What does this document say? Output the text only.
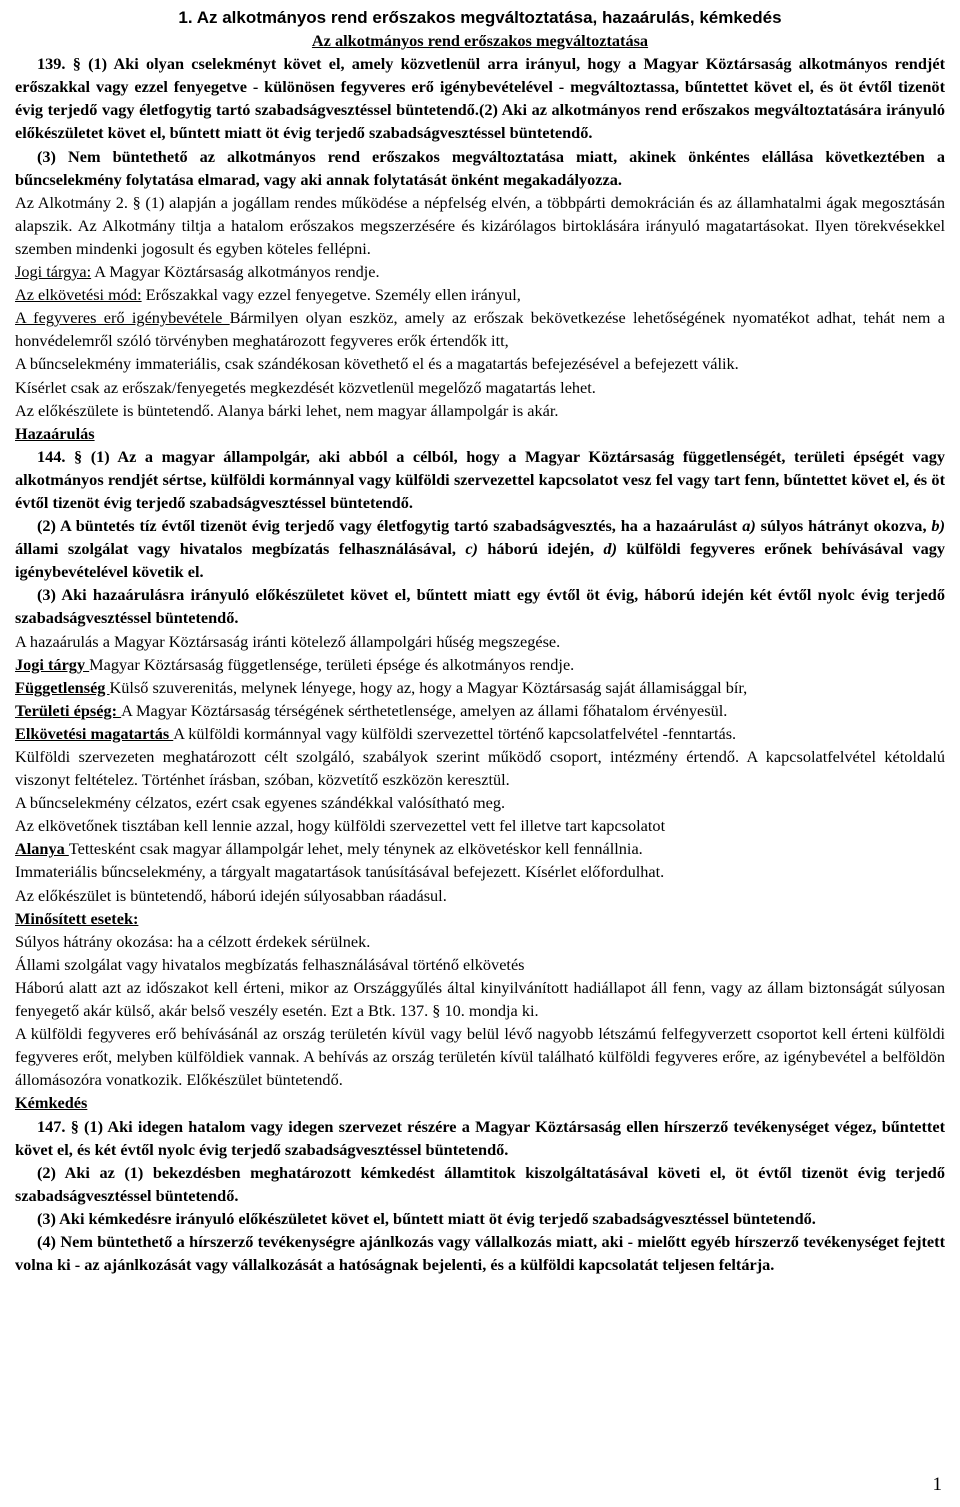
1. Az alkotmányos rend erőszakos megváltoztatása, hazaárulás, kémkedés

Az alkotmányos rend erőszakos megváltoztatása

139. § (1) Aki olyan cselekményt követ el, amely közvetlenül arra irányul, hogy a Magyar Köztársaság alkotmányos rendjét erőszakkal vagy ezzel fenyegetve - különösen fegyveres erő igénybevételével - megváltoztassa, bűntettet követ el, és öt évtől tizenöt évig terjedő vagy életfogytig tartó szabadságvesztéssel büntetendő.(2) Aki az alkotmányos rend erőszakos megváltoztatására irányuló előkészületet követ el, bűntett miatt öt évig terjedő szabadságvesztéssel büntetendő.

(3) Nem büntethető az alkotmányos rend erőszakos megváltoztatása miatt, akinek önkéntes elállása következtében a bűncselekmény folytatása elmarad, vagy aki annak folytatását önként megakadályozza.

Az Alkotmány 2. § (1) alapján a jogállam rendes működése a népfelség elvén, a többpárti demokrácián és az államhatalmi ágak megosztásán alapszik. Az Alkotmány tiltja a hatalom erőszakos megszerzésére és kizárólagos birtoklására irányuló magatartásokat. Ilyen törekvésekkel szemben mindenki jogosult és egyben köteles fellépni.

Jogi tárgya: A Magyar Köztársaság alkotmányos rendje.

Az elkövetési mód: Erőszakkal vagy ezzel fenyegetve. Személy ellen irányul,

A fegyveres erő igénybevétele Bármilyen olyan eszköz, amely az erőszak bekövetkezése lehetőségének nyomatékot adhat, tehát nem a honvédelemről szóló törvényben meghatározott fegyveres erők értendők itt,

A bűncselekmény immateriális, csak szándékosan követhető el és a magatartás befejezésével a befejezett válik.

Kísérlet csak az erőszak/fenyegetés megkezdését közvetlenül megelőző magatartás lehet.

Az előkészülete is büntetendő. Alanya bárki lehet, nem magyar állampolgár is akár.

Hazaárulás

144. § (1) Az a magyar állampolgár, aki abból a célból, hogy a Magyar Köztársaság függetlenségét, területi épségét vagy alkotmányos rendjét sértse, külföldi kormánnyal vagy külföldi szervezettel kapcsolatot vesz fel vagy tart fenn, bűntettet követ el, és öt évtől tizenöt évig terjedő szabadságvesztéssel büntetendő.

(2) A büntetés tíz évtől tizenöt évig terjedő vagy életfogytig tartó szabadságvesztés, ha a hazaárulást a) súlyos hátrányt okozva, b) állami szolgálat vagy hivatalos megbízatás felhasználásával, c) háború idején, d) külföldi fegyveres erőnek behívásával vagy igénybevételével követik el.

(3) Aki hazaárulásra irányuló előkészületet követ el, bűntett miatt egy évtől öt évig, háború idején két évtől nyolc évig terjedő szabadságvesztéssel büntetendő.

A hazaárulás a Magyar Köztársaság iránti kötelező állampolgári hűség megszegése.

Jogi tárgy Magyar Köztársaság függetlensége, területi épsége és alkotmányos rendje.

Függetlenség Külső szuverenitás, melynek lényege, hogy az, hogy a Magyar Köztársaság saját államisággal bír,

Területi épség: A Magyar Köztársaság térségének sérthetetlensége, amelyen az állami főhatalom érvényesül.

Elkövetési magatartás A külföldi kormánnyal vagy külföldi szervezettel történő kapcsolatfelvétel -fenntartás.

Külföldi szervezeten meghatározott célt szolgáló, szabályok szerint működő csoport, intézmény értendő. A kapcsolatfelvétel kétoldalú viszonyt feltételez. Történhet írásban, szóban, közvetítő eszközön keresztül.

A bűncselekmény célzatos, ezért csak egyenes szándékkal valósítható meg.

Az elkövetőnek tisztában kell lennie azzal, hogy külföldi szervezettel vett fel illetve tart kapcsolatot

Alanya Tettesként csak magyar állampolgár lehet, mely ténynek az elkövetéskor kell fennállnia.

Immateriális bűncselekmény, a tárgyalt magatartások tanúsításával befejezett. Kísérlet előfordulhat.

Az előkészület is büntetendő, háború idején súlyosabban ráadásul.

Minősített esetek:

Súlyos hátrány okozása: ha a célzott érdekek sérülnek.

Állami szolgálat vagy hivatalos megbízatás felhasználásával történő elkövetés

Háború alatt azt az időszakot kell érteni, mikor az Országgyűlés által kinyilvánított hadiállapot áll fenn, vagy az állam biztonságát súlyosan fenyegető akár külső, akár belső veszély esetén. Ezt a Btk. 137. § 10. mondja ki.

A külföldi fegyveres erő behívásánál az ország területén kívül vagy belül lévő nagyobb létszámú felfegyverzett csoportot kell érteni külföldi fegyveres erőt, melyben külföldiek vannak. A behívás az ország területén kívül található külföldi fegyveres erőre, az igénybevétel a belföldön állomásozóra vonatkozik. Előkészület büntetendő.

Kémkedés

147. § (1) Aki idegen hatalom vagy idegen szervezet részére a Magyar Köztársaság ellen hírszerző tevékenységet végez, bűntettet követ el, és két évtől nyolc évig terjedő szabadságvesztéssel büntetendő.

(2) Aki az (1) bekezdésben meghatározott kémkedést államtitok kiszolgáltatásával követi el, öt évtől tizenöt évig terjedő szabadságvesztéssel büntetendő.

(3) Aki kémkedésre irányuló előkészületet követ el, bűntett miatt öt évig terjedő szabadságvesztéssel büntetendő.

(4) Nem büntethető a hírszerző tevékenységre ajánlkozás vagy vállalkozás miatt, aki - mielőtt egyéb hírszerző tevékenységet fejtett volna ki - az ajánlkozását vagy vállalkozását a hatóságnak bejelenti, és a külföldi kapcsolatát teljesen feltárja.

1
